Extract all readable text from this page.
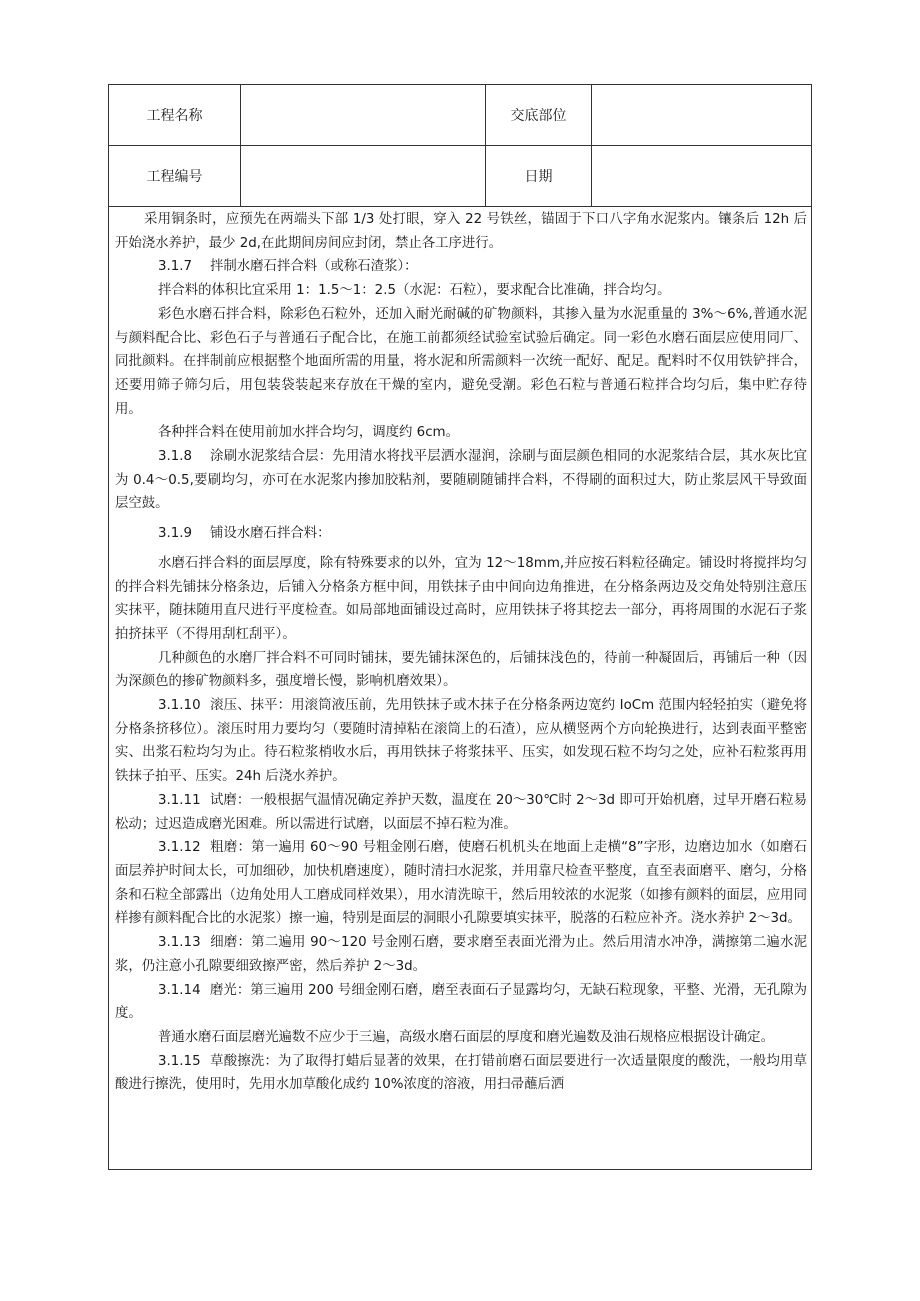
工程名称	交底部位
工程编号	日期

采用铜条时，应预先在两端头下部 1/3 处打眼，穿入 22 号铁丝，锚固于下口八字角水泥浆内。镶条后 12h 后开始浇水养护，最少 2d,在此期间房间应封闭，禁止各工序进行。

3.1.7 拌制水磨石拌合料（或称石渣浆）：

拌合料的体积比宜采用 1：1.5～1：2.5（水泥：石粒），要求配合比准确，拌合均匀。

彩色水磨石拌合料，除彩色石粒外，还加入耐光耐碱的矿物颜料，其掺入量为水泥重量的 3%～6%,普通水泥与颜料配合比、彩色石子与普通石子配合比，在施工前都须经试验室试验后确定。同一彩色水磨石面层应使用同厂、同批颜料。在拌制前应根据整个地面所需的用量，将水泥和所需颜料一次统一配好、配足。配料时不仅用铁铲拌合，还要用筛子筛匀后，用包装袋装起来存放在干燥的室内，避免受潮。彩色石粒与普通石粒拌合均匀后，集中贮存待用。

各种拌合料在使用前加水拌合均匀，调度约 6cm。

3.1.8 涂刷水泥浆结合层：先用清水将找平层洒水湿润，涂刷与面层颜色相同的水泥浆结合层，其水灰比宜为 0.4～0.5,要刷均匀，亦可在水泥浆内掺加胶粘剂，要随刷随铺拌合料，不得刷的面积过大，防止浆层风干导致面层空鼓。

3.1.9 铺设水磨石拌合料：

水磨石拌合料的面层厚度，除有特殊要求的以外，宜为 12～18mm,并应按石料粒径确定。铺设时将搅拌均匀的拌合料先铺抹分格条边，后铺入分格条方框中间，用铁抹子由中间向边角推进，在分格条两边及交角处特别注意压实抹平，随抹随用直尺进行平度检查。如局部地面铺设过高时，应用铁抹子将其挖去一部分，再将周围的水泥石子浆拍挤抹平（不得用刮杠刮平）。

几种颜色的水磨厂拌合料不可同时铺抹，要先铺抹深色的，后铺抹浅色的，待前一种凝固后，再铺后一种（因为深颜色的掺矿物颜料多，强度增长慢，影响机磨效果）。

3.1.10 滚压、抹平：用滚筒液压前，先用铁抹子或木抹子在分格条两边宽约 IoCm 范围内轻轻拍实（避免将分格条挤移位）。滚压时用力要均匀（要随时清掉粘在滚筒上的石渣），应从横竖两个方向轮换进行，达到表面平整密实、出浆石粒均匀为止。待石粒浆梢收水后，再用铁抹子将浆抹平、压实，如发现石粒不均匀之处，应补石粒浆再用铁抹子拍平、压实。24h 后浇水养护。

3.1.11 试磨：一般根据气温情况确定养护天数，温度在 20～30℃时 2～3d 即可开始机磨，过早开磨石粒易松动；过迟造成磨光困难。所以需进行试磨，以面层不掉石粒为准。

3.1.12 粗磨：第一遍用 60～90 号粗金刚石磨，使磨石机机头在地面上走横“8”字形，边磨边加水（如磨石面层养护时间太长，可加细砂，加快机磨速度），随时清扫水泥浆，并用靠尺检查平整度，直至表面磨平、磨匀，分格条和石粒全部露出（边角处用人工磨成同样效果），用水清洗晾干，然后用较浓的水泥浆（如掺有颜料的面层，应用同样掺有颜料配合比的水泥浆）擦一遍，特别是面层的洞眼小孔隙要填实抹平，脱落的石粒应补齐。浇水养护 2～3d。

3.1.13 细磨：第二遍用 90～120 号金刚石磨，要求磨至表面光滑为止。然后用清水冲净，满擦第二遍水泥浆，仍注意小孔隙要细致擦严密，然后养护 2～3d。

3.1.14 磨光：第三遍用 200 号细金刚石磨，磨至表面石子显露均匀，无缺石粒现象，平整、光滑，无孔隙为度。

普通水磨石面层磨光遍数不应少于三遍，高级水磨石面层的厚度和磨光遍数及油石规格应根据设计确定。

3.1.15 草酸擦洗：为了取得打蜡后显著的效果，在打错前磨石面层要进行一次适量限度的酸洗，一般均用草酸进行擦洗，使用时，先用水加草酸化成约 10%浓度的溶液，用扫帚蘸后洒
